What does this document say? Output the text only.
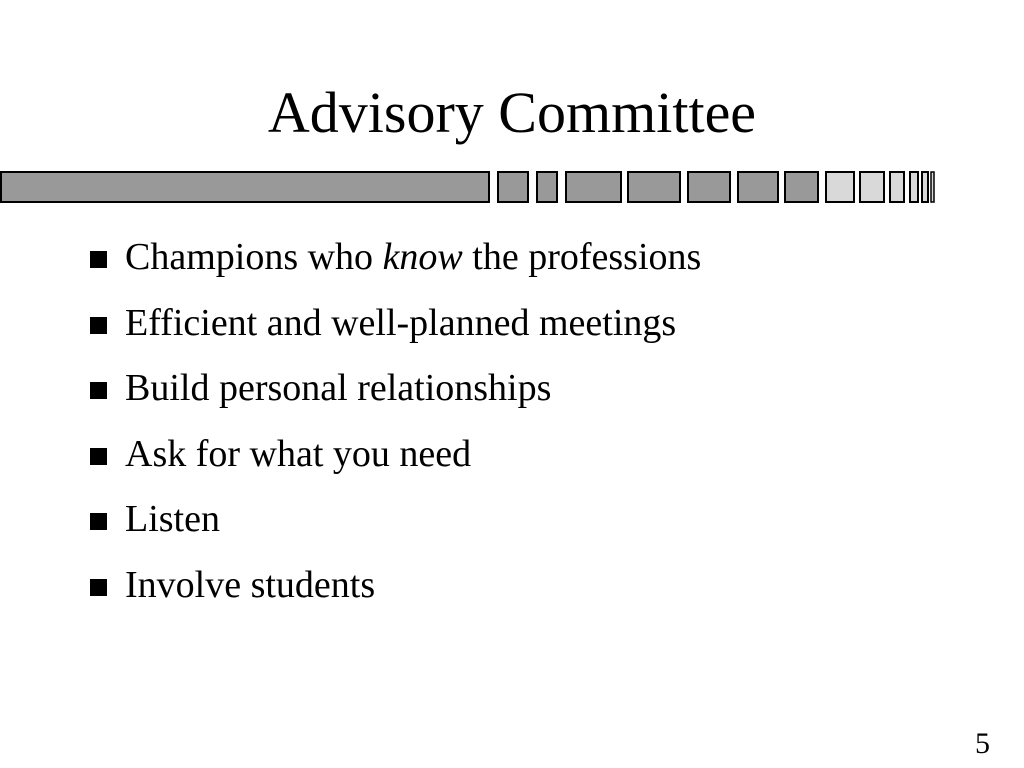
Advisory Committee
Champions who know the professions
Efficient and well-planned meetings
Build personal relationships
Ask for what you need
Listen
Involve students
5
